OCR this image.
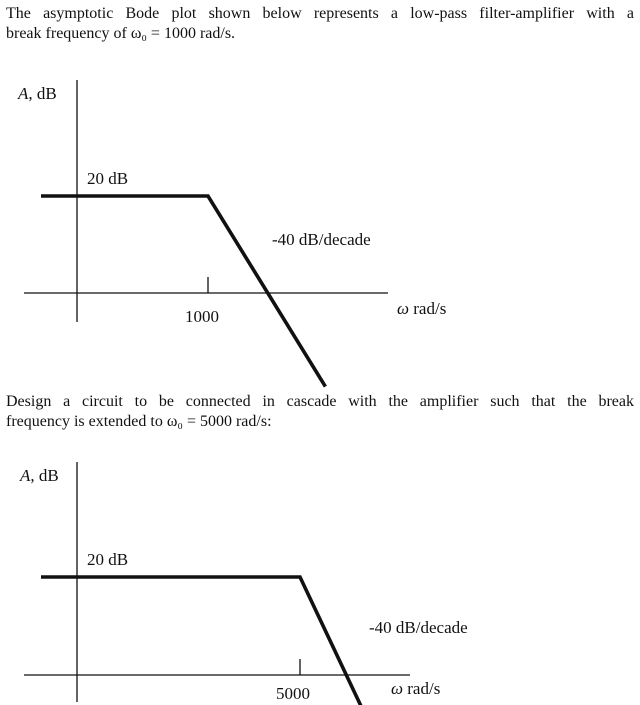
The asymptotic Bode plot shown below represents a low-pass filter-amplifier with a
break frequency of ω₀ = 1000 rad/s.

A, dB
20 dB
-40 dB/decade
1000	ω rad/s

Design a circuit to be connected in cascade with the amplifier such that the break
frequency is extended to ω₀ = 5000 rad/s:

A, dB
20 dB
-40 dB/decade
5000	ω rad/s
